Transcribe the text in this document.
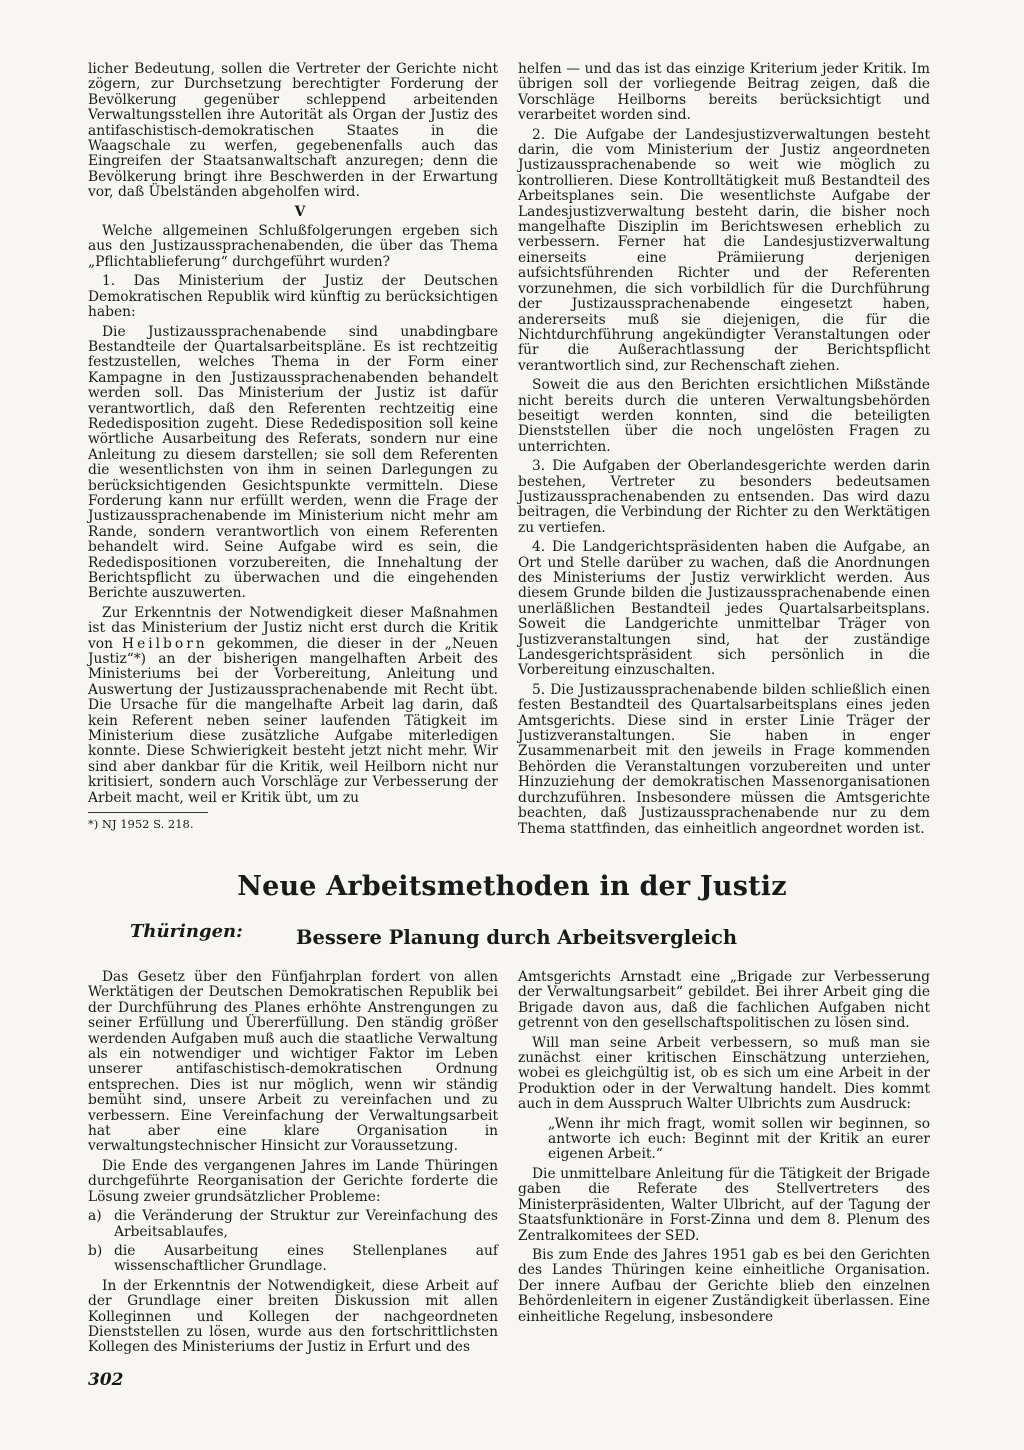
licher Bedeutung, sollen die Vertreter der Gerichte nicht zögern, zur Durchsetzung berechtigter Forderung der Bevölkerung gegenüber schleppend arbeitenden Verwaltungsstellen ihre Autorität als Organ der Justiz des antifaschistisch-demokratischen Staates in die Waagschale zu werfen, gegebenenfalls auch das Eingreifen der Staatsanwaltschaft anzuregen; denn die Bevölkerung bringt ihre Beschwerden in der Erwartung vor, daß Übelständen abgeholfen wird.

V

Welche allgemeinen Schlußfolgerungen ergeben sich aus den Justizaussprachenabenden, die über das Thema „Pflichtablieferung“ durchgeführt wurden?

1. Das Ministerium der Justiz der Deutschen Demokratischen Republik wird künftig zu berücksichtigen haben:

Die Justizaussprachenabende sind unabdingbare Bestandteile der Quartalsarbeitspläne. Es ist rechtzeitig festzustellen, welches Thema in der Form einer Kampagne in den Justizaussprachenabenden behandelt werden soll. Das Ministerium der Justiz ist dafür verantwortlich, daß den Referenten rechtzeitig eine Rededisposition zugeht. Diese Rededisposition soll keine wörtliche Ausarbeitung des Referats, sondern nur eine Anleitung zu diesem darstellen; sie soll dem Referenten die wesentlichsten von ihm in seinen Darlegungen zu berücksichtigenden Gesichtspunkte vermitteln. Diese Forderung kann nur erfüllt werden, wenn die Frage der Justizaussprachenabende im Ministerium nicht mehr am Rande, sondern verantwortlich von einem Referenten behandelt wird. Seine Aufgabe wird es sein, die Rededispositionen vorzubereiten, die Innehaltung der Berichtspflicht zu überwachen und die eingehenden Berichte auszuwerten.

Zur Erkenntnis der Notwendigkeit dieser Maßnahmen ist das Ministerium der Justiz nicht erst durch die Kritik von Heilborn gekommen, die dieser in der „Neuen Justiz“*) an der bisherigen mangelhaften Arbeit des Ministeriums bei der Vorbereitung, Anleitung und Auswertung der Justizaussprachenabende mit Recht übt. Die Ursache für die mangelhafte Arbeit lag darin, daß kein Referent neben seiner laufenden Tätigkeit im Ministerium diese zusätzliche Aufgabe miterledigen konnte. Diese Schwierigkeit besteht jetzt nicht mehr. Wir sind aber dankbar für die Kritik, weil Heilborn nicht nur kritisiert, sondern auch Vorschläge zur Verbesserung der Arbeit macht, weil er Kritik übt, um zu

*) NJ 1952 S. 218.

helfen — und das ist das einzige Kriterium jeder Kritik. Im übrigen soll der vorliegende Beitrag zeigen, daß die Vorschläge Heilborns bereits berücksichtigt und verarbeitet worden sind.

2. Die Aufgabe der Landesjustizverwaltungen besteht darin, die vom Ministerium der Justiz angeordneten Justizaussprachenabende so weit wie möglich zu kontrollieren. Diese Kontrolltätigkeit muß Bestandteil des Arbeitsplanes sein. Die wesentlichste Aufgabe der Landesjustizverwaltung besteht darin, die bisher noch mangelhafte Disziplin im Berichtswesen erheblich zu verbessern. Ferner hat die Landesjustizverwaltung einerseits eine Prämiierung derjenigen aufsichtsführenden Richter und der Referenten vorzunehmen, die sich vorbildlich für die Durchführung der Justizaussprachenabende eingesetzt haben, andererseits muß sie diejenigen, die für die Nichtdurchführung angekündigter Veranstaltungen oder für die Außerachtlassung der Berichtspflicht verantwortlich sind, zur Rechenschaft ziehen.

Soweit die aus den Berichten ersichtlichen Mißstände nicht bereits durch die unteren Verwaltungsbehörden beseitigt werden konnten, sind die beteiligten Dienststellen über die noch ungelösten Fragen zu unterrichten.

3. Die Aufgaben der Oberlandesgerichte werden darin bestehen, Vertreter zu besonders bedeutsamen Justizaussprachenabenden zu entsenden. Das wird dazu beitragen, die Verbindung der Richter zu den Werktätigen zu vertiefen.

4. Die Landgerichtspräsidenten haben die Aufgabe, an Ort und Stelle darüber zu wachen, daß die Anordnungen des Ministeriums der Justiz verwirklicht werden. Aus diesem Grunde bilden die Justizaussprachenabende einen unerläßlichen Bestandteil jedes Quartalsarbeitsplans. Soweit die Landgerichte unmittelbar Träger von Justizveranstaltungen sind, hat der zuständige Landesgerichtspräsident sich persönlich in die Vorbereitung einzuschalten.

5. Die Justizaussprachenabende bilden schließlich einen festen Bestandteil des Quartalsarbeitsplans eines jeden Amtsgerichts. Diese sind in erster Linie Träger der Justizveranstaltungen. Sie haben in enger Zusammenarbeit mit den jeweils in Frage kommenden Behörden die Veranstaltungen vorzubereiten und unter Hinzuziehung der demokratischen Massenorganisationen durchzuführen. Insbesondere müssen die Amtsgerichte beachten, daß Justizaussprachenabende nur zu dem Thema stattfinden, das einheitlich angeordnet worden ist.

Neue Arbeitsmethoden in der Justiz
Thüringen:	Bessere Planung durch Arbeitsvergleich

Das Gesetz über den Fünfjahrplan fordert von allen Werktätigen der Deutschen Demokratischen Republik bei der Durchführung des Planes erhöhte Anstrengungen zu seiner Erfüllung und Übererfüllung. Den ständig größer werdenden Aufgaben muß auch die staatliche Verwaltung als ein notwendiger und wichtiger Faktor im Leben unserer antifaschistisch-demokratischen Ordnung entsprechen. Dies ist nur möglich, wenn wir ständig bemüht sind, unsere Arbeit zu vereinfachen und zu verbessern. Eine Vereinfachung der Verwaltungsarbeit hat aber eine klare Organisation in verwaltungstechnischer Hinsicht zur Voraussetzung.

Die Ende des vergangenen Jahres im Lande Thüringen durchgeführte Reorganisation der Gerichte forderte die Lösung zweier grundsätzlicher Probleme:

a) die Veränderung der Struktur zur Vereinfachung des Arbeitsablaufes,
b) die Ausarbeitung eines Stellenplanes auf wissenschaftlicher Grundlage.

In der Erkenntnis der Notwendigkeit, diese Arbeit auf der Grundlage einer breiten Diskussion mit allen Kolleginnen und Kollegen der nachgeordneten Dienststellen zu lösen, wurde aus den fortschrittlichsten Kollegen des Ministeriums der Justiz in Erfurt und des

Amtsgerichts Arnstadt eine „Brigade zur Verbesserung der Verwaltungsarbeit“ gebildet. Bei ihrer Arbeit ging die Brigade davon aus, daß die fachlichen Aufgaben nicht getrennt von den gesellschaftspolitischen zu lösen sind.

Will man seine Arbeit verbessern, so muß man sie zunächst einer kritischen Einschätzung unterziehen, wobei es gleichgültig ist, ob es sich um eine Arbeit in der Produktion oder in der Verwaltung handelt. Dies kommt auch in dem Ausspruch Walter Ulbrichts zum Ausdruck:

„Wenn ihr mich fragt, womit sollen wir beginnen, so antworte ich euch: Beginnt mit der Kritik an eurer eigenen Arbeit.“

Die unmittelbare Anleitung für die Tätigkeit der Brigade gaben die Referate des Stellvertreters des Ministerpräsidenten, Walter Ulbricht, auf der Tagung der Staatsfunktionäre in Forst-Zinna und dem 8. Plenum des Zentralkomitees der SED.

Bis zum Ende des Jahres 1951 gab es bei den Gerichten des Landes Thüringen keine einheitliche Organisation. Der innere Aufbau der Gerichte blieb den einzelnen Behördenleitern in eigener Zuständigkeit überlassen. Eine einheitliche Regelung, insbesondere

302
